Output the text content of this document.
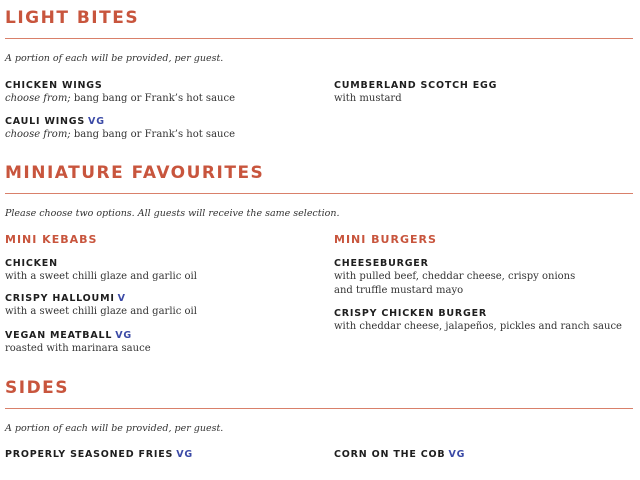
LIGHT BITES

A portion of each will be provided, per guest.

CHICKEN WINGS
choose from; bang bang or Frank’s hot sauce
CAULI WINGS VG
choose from; bang bang or Frank’s hot sauce
CUMBERLAND SCOTCH EGG
with mustard
MINIATURE FAVOURITES

Please choose two options. All guests will receive the same selection.

MINI KEBABS	MINI BURGERS
CHICKEN
with a sweet chilli glaze and garlic oil
CRISPY HALLOUMI V
with a sweet chilli glaze and garlic oil
VEGAN MEATBALL VG
roasted with marinara sauce
CHEESEBURGER
with pulled beef, cheddar cheese, crispy onions
and truffle mustard mayo
CRISPY CHICKEN BURGER
with cheddar cheese, jalapeños, pickles and ranch sauce
SIDES

A portion of each will be provided, per guest.

PROPERLY SEASONED FRIES VG	CORN ON THE COB VG
